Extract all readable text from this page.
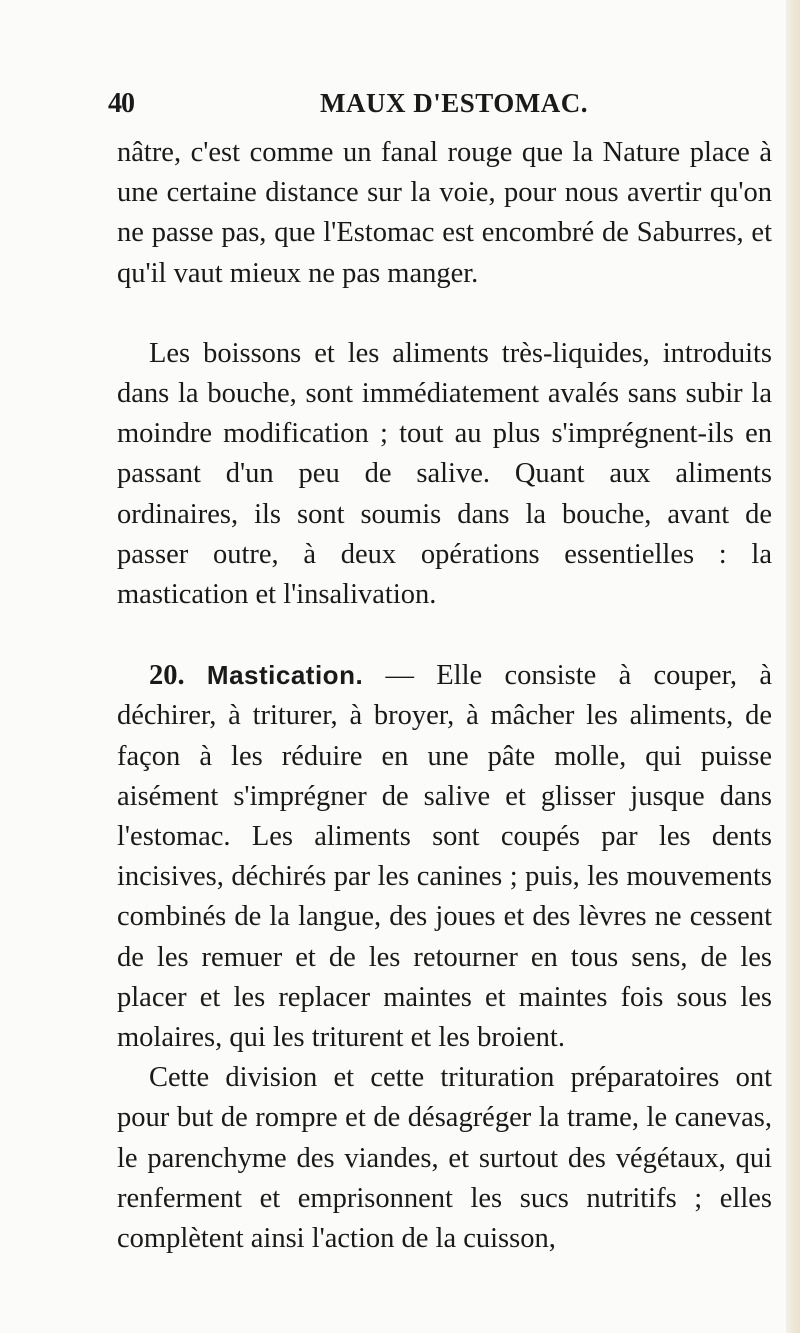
40	MAUX D'ESTOMAC.

nâtre, c'est comme un fanal rouge que la Nature place à une certaine distance sur la voie, pour nous avertir qu'on ne passe pas, que l'Estomac est encombré de Saburres, et qu'il vaut mieux ne pas manger.

Les boissons et les aliments très-liquides, introduits dans la bouche, sont immédiatement avalés sans subir la moindre modification ; tout au plus s'imprégnent-ils en passant d'un peu de salive. Quant aux aliments ordinaires, ils sont soumis dans la bouche, avant de passer outre, à deux opérations essentielles : la mastication et l'insalivation.

20. Mastication. — Elle consiste à couper, à déchirer, à triturer, à broyer, à mâcher les aliments, de façon à les réduire en une pâte molle, qui puisse aisément s'imprégner de salive et glisser jusque dans l'estomac. Les aliments sont coupés par les dents incisives, déchirés par les canines ; puis, les mouvements combinés de la langue, des joues et des lèvres ne cessent de les remuer et de les retourner en tous sens, de les placer et les replacer maintes et maintes fois sous les molaires, qui les triturent et les broient.

Cette division et cette trituration préparatoires ont pour but de rompre et de désagréger la trame, le canevas, le parenchyme des viandes, et surtout des végétaux, qui renferment et emprisonnent les sucs nutritifs ; elles complètent ainsi l'action de la cuisson,
